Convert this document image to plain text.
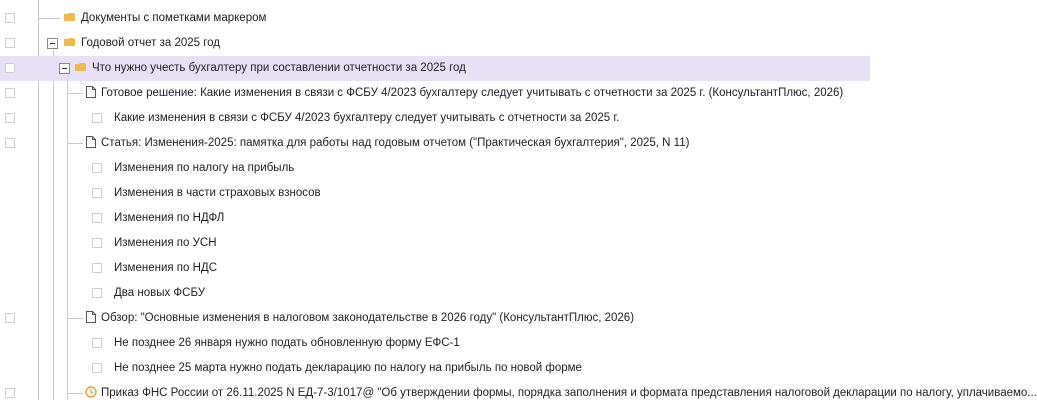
Документы с пометками маркером
Годовой отчет за 2025 год
Что нужно учесть бухгалтеру при составлении отчетности за 2025 год
Готовое решение: Какие изменения в связи с ФСБУ 4/2023 бухгалтеру следует учитывать с отчетности за 2025 г. (КонсультантПлюс, 2026)
Какие изменения в связи с ФСБУ 4/2023 бухгалтеру следует учитывать с отчетности за 2025 г.
Статья: Изменения-2025: памятка для работы над годовым отчетом ("Практическая бухгалтерия", 2025, N 11)
Изменения по налогу на прибыль
Изменения в части страховых взносов
Изменения по НДФЛ
Изменения по УСН
Изменения по НДС
Два новых ФСБУ
Обзор: "Основные изменения в налоговом законодательстве в 2026 году" (КонсультантПлюс, 2026)
Не позднее 26 января нужно подать обновленную форму ЕФС-1
Не позднее 25 марта нужно подать декларацию по налогу на прибыль по новой форме
Приказ ФНС России от 26.11.2025 N ЕД-7-3/1017@ "Об утверждении формы, порядка заполнения и формата представления налоговой декларации по налогу, уплачиваемо...
